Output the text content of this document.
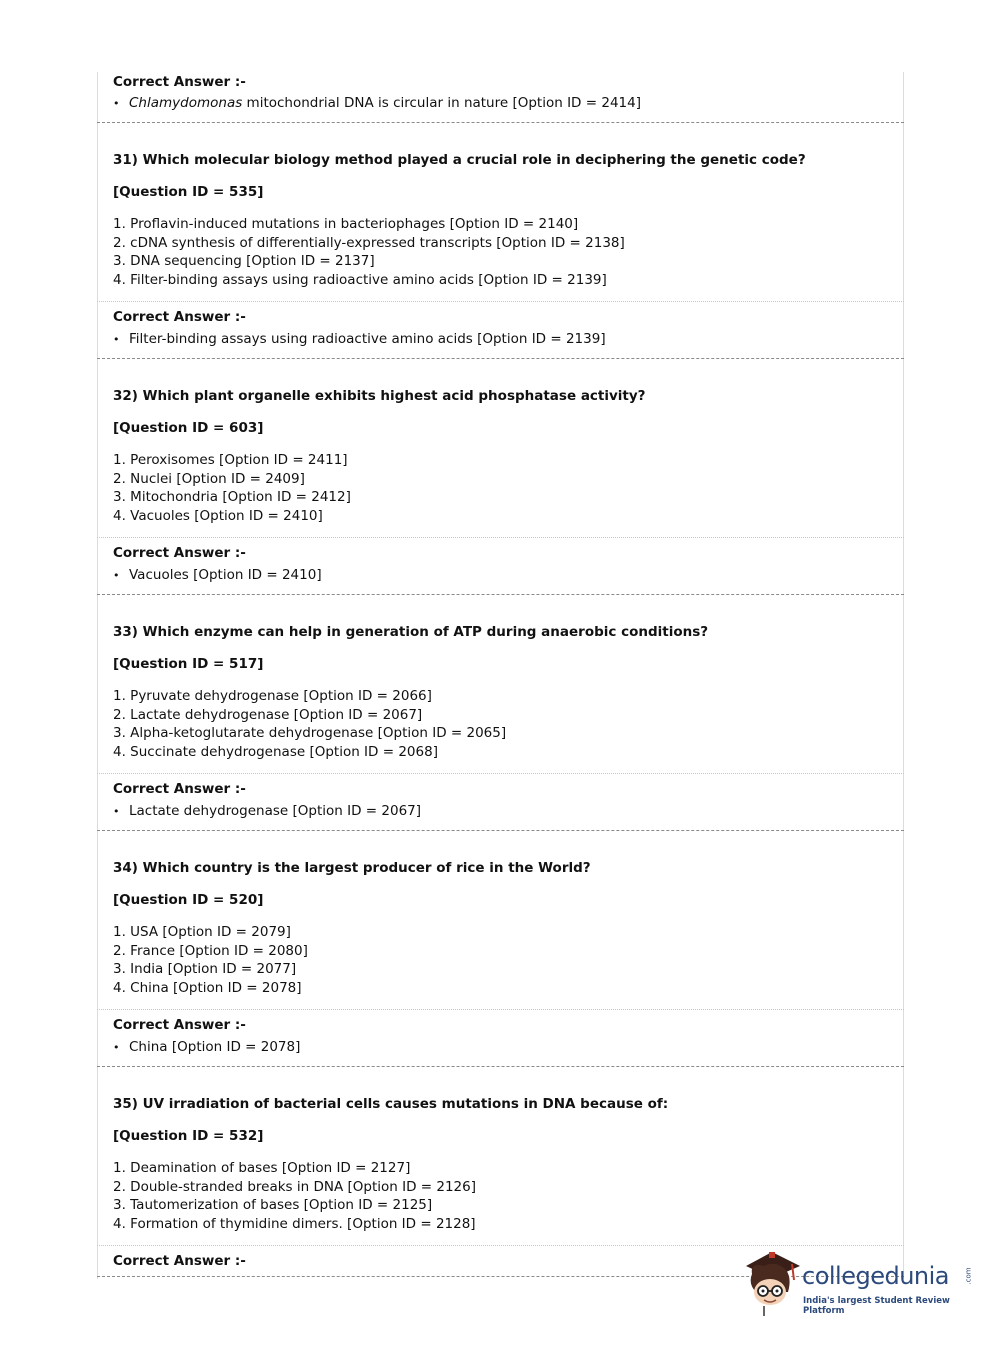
Correct Answer :-
• Chlamydomonas mitochondrial DNA is circular in nature [Option ID = 2414]
31) Which molecular biology method played a crucial role in deciphering the genetic code?
[Question ID = 535]
1. Proflavin-induced mutations in bacteriophages [Option ID = 2140]
2. cDNA synthesis of differentially-expressed transcripts [Option ID = 2138]
3. DNA sequencing [Option ID = 2137]
4. Filter-binding assays using radioactive amino acids [Option ID = 2139]
Correct Answer :-
• Filter-binding assays using radioactive amino acids [Option ID = 2139]
32) Which plant organelle exhibits highest acid phosphatase activity?
[Question ID = 603]
1. Peroxisomes [Option ID = 2411]
2. Nuclei [Option ID = 2409]
3. Mitochondria [Option ID = 2412]
4. Vacuoles [Option ID = 2410]
Correct Answer :-
• Vacuoles [Option ID = 2410]
33) Which enzyme can help in generation of ATP during anaerobic conditions?
[Question ID = 517]
1. Pyruvate dehydrogenase [Option ID = 2066]
2. Lactate dehydrogenase [Option ID = 2067]
3. Alpha-ketoglutarate dehydrogenase [Option ID = 2065]
4. Succinate dehydrogenase [Option ID = 2068]
Correct Answer :-
• Lactate dehydrogenase [Option ID = 2067]
34) Which country is the largest producer of rice in the World?
[Question ID = 520]
1. USA [Option ID = 2079]
2. France [Option ID = 2080]
3. India [Option ID = 2077]
4. China [Option ID = 2078]
Correct Answer :-
• China [Option ID = 2078]
35) UV irradiation of bacterial cells causes mutations in DNA because of:
[Question ID = 532]
1. Deamination of bases [Option ID = 2127]
2. Double-stranded breaks in DNA [Option ID = 2126]
3. Tautomerization of bases [Option ID = 2125]
4. Formation of thymidine dimers. [Option ID = 2128]
Correct Answer :-
collegedunia
India's largest Student Review Platform
.com
